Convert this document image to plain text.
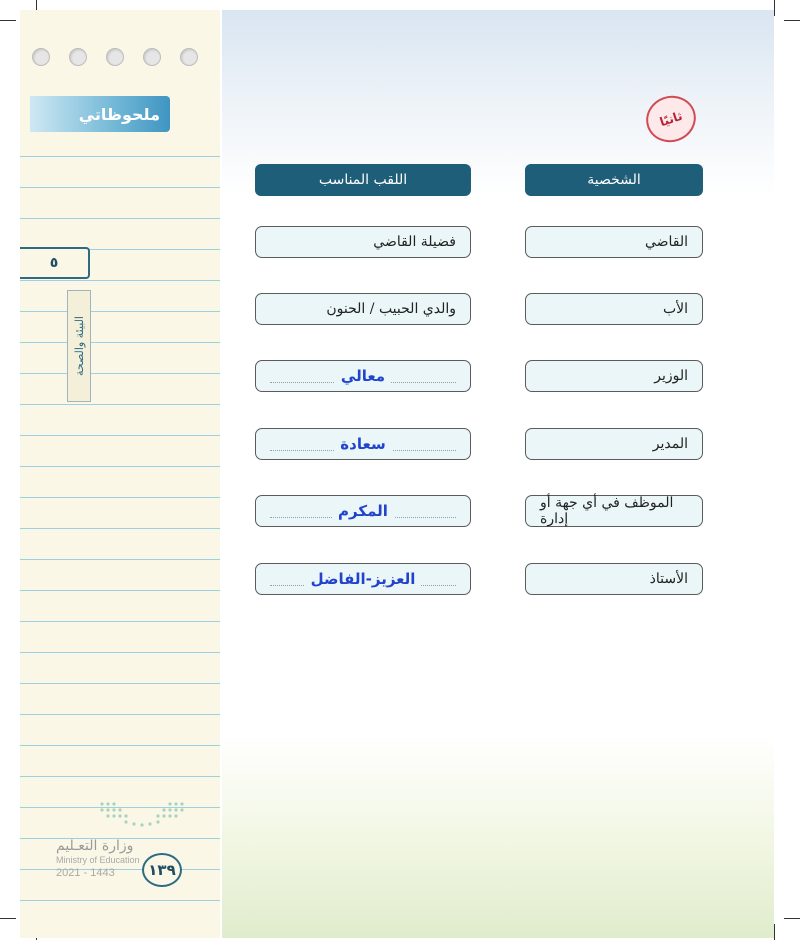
ملحوظاتي
٥
البيئة والصحة
وزارة التعـليم
Ministry of Education
2021 - 1443 ١٣٩
ثانيًا
اللقب المناسب	الشخصية
القاضي
فضيلة القاضي
الأب
والدي الحبيب / الحنون
الوزير
معالي
المدير
سعادة
الموظف في أي جهة أو إدارة
المكرم
الأستاذ
العزيز-الفاضل
